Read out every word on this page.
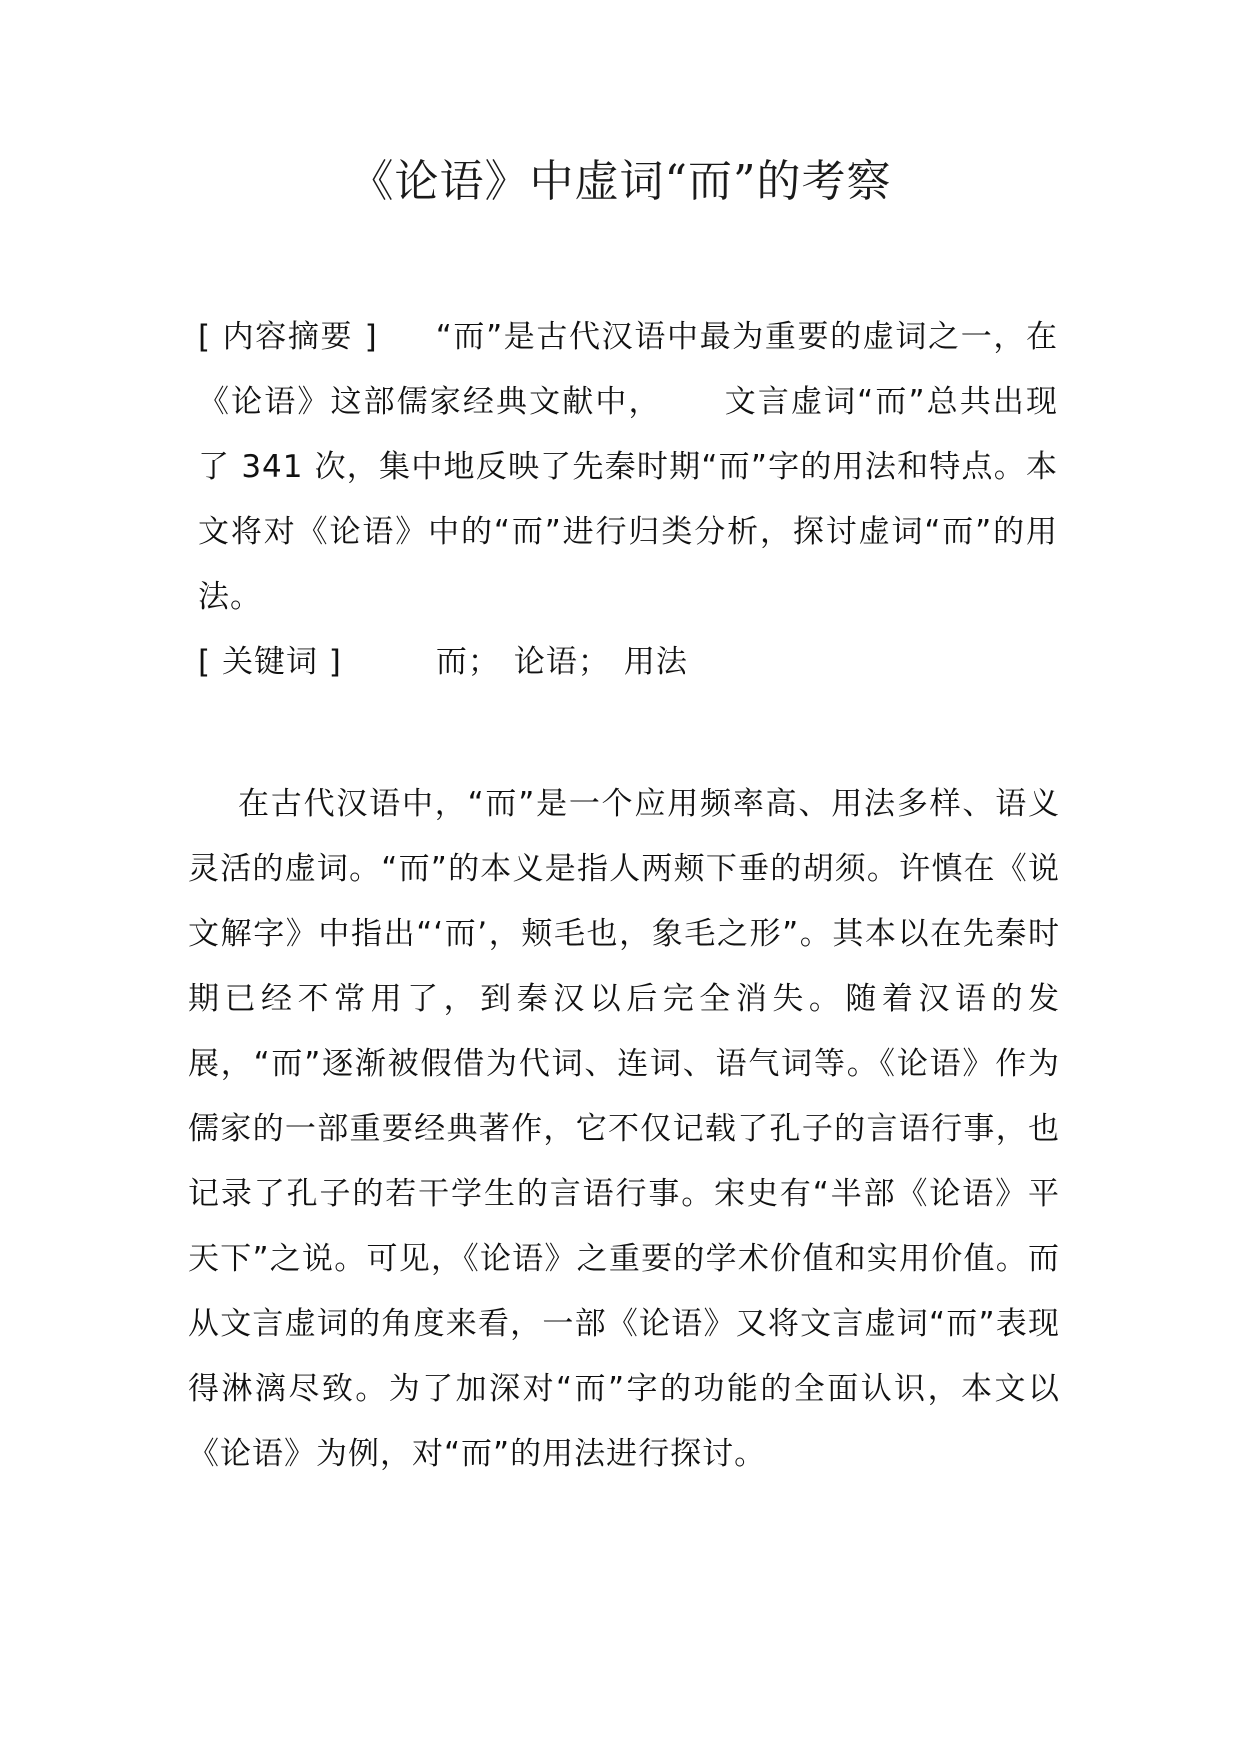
《论语》中虚词“而”的考察
[ 内容摘要 ] “而”是古代汉语中最为重要的虚词之一，在《论语》这部儒家经典文献中， 文言虚词“而”总共出现了 341 次，集中地反映了先秦时期“而”字的用法和特点。本文将对《论语》中的“而”进行归类分析，探讨虚词“而”的用法。
[ 关键词 ]	而； 论语； 用法
在古代汉语中，“而”是一个应用频率高、用法多样、语义灵活的虚词。“而”的本义是指人两颊下垂的胡须。许慎在《说文解字》中指出“‘而’，颊毛也，象毛之形”。其本以在先秦时期已经不常用了，到秦汉以后完全消失。随着汉语的发展，“而”逐渐被假借为代词、连词、语气词等。《论语》作为儒家的一部重要经典著作，它不仅记载了孔子的言语行事，也记录了孔子的若干学生的言语行事。宋史有“半部《论语》平天下”之说。可见，《论语》之重要的学术价值和实用价值。而从文言虚词的角度来看，一部《论语》又将文言虚词“而”表现得淋漓尽致。为了加深对“而”字的功能的全面认识，本文以《论语》为例，对“而”的用法进行探讨。
